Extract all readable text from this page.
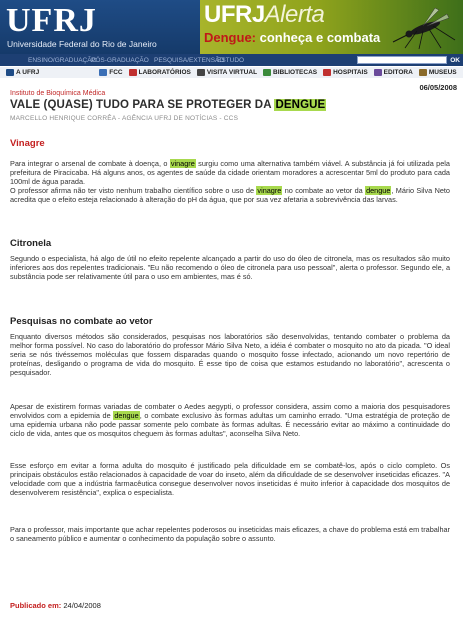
UFRJ
Universidade Federal do Rio de Janeiro
UFRJAlerta
Dengue: conheça e combata
ENSINO/GRADUAÇÃO
PÓS-GRADUAÇÃO PESQUISA/EXTENSÃO
ESTUDO	OK
A UFRJ	FCC LABORATÓRIOS VISITA VIRTUAL BIBLIOTECAS HOSPITAIS EDITORA MUSEUS
06/05/2008
Instituto de Bioquímica Médica
VALE (QUASE) TUDO PARA SE PROTEGER DA DENGUE
MARCELLO HENRIQUE CORRÊA - AGÊNCIA UFRJ DE NOTÍCIAS - CCS
Vinagre
Para integrar o arsenal de combate à doença, o vinagre surgiu como uma alternativa também viável. A substância já foi utilizada pela prefeitura de Piracicaba. Há alguns anos, os agentes de saúde da cidade orientam moradores a acrescentar 5ml do produto para cada 100ml de água parada.
O professor afirma não ter visto nenhum trabalho científico sobre o uso de vinagre no combate ao vetor da dengue, Mário Silva Neto acredita que o efeito esteja relacionado à alteração do pH da água, que por sua vez afetaria a sobrevivência das larvas.
Citronela
Segundo o especialista, há algo de útil no efeito repelente alcançado a partir do uso do óleo de citronela, mas os resultados são muito inferiores aos dos repelentes tradicionais. "Eu não recomendo o óleo de citronela para uso pessoal", alerta o professor. Segundo ele, a substância pode ser relativamente útil para o uso em ambientes, mas é só.
Pesquisas no combate ao vetor
Enquanto diversos métodos são considerados, pesquisas nos laboratórios são desenvolvidas, tentando combater o problema da melhor forma possível. No caso do laboratório do professor Mário Silva Neto, a idéia é combater o mosquito no ato da picada. "O ideal seria se nós tivéssemos moléculas que fossem disparadas quando o mosquito fosse infectado, acionando um novo repertório de proteínas, desligando o programa de vida do mosquito. É esse tipo de coisa que estamos estudando no laboratório", acrescenta o pesquisador.
Apesar de existirem formas variadas de combater o Aedes aegypti, o professor considera, assim como a maioria dos pesquisadores envolvidos com a epidemia de dengue, o combate exclusivo às formas adultas um caminho errado. "Uma estratégia de proteção de uma epidemia urbana não pode passar somente pelo combate às formas adultas. É necessário evitar ao máximo a continuidade do ciclo de vida, antes que os mosquitos cheguem às formas adultas", aconselha Silva Neto.
Esse esforço em evitar a forma adulta do mosquito é justificado pela dificuldade em se combatê-los, após o ciclo completo. Os principais obstáculos estão relacionados à capacidade de voar do inseto, além da dificuldade de se desenvolver inseticidas eficazes. "A velocidade com que a indústria farmacêutica consegue desenvolver novos inseticidas é muito inferior à capacidade dos mosquitos de desenvolverem resistência", explica o especialista.
Para o professor, mais importante que achar repelentes poderosos ou inseticidas mais eficazes, a chave do problema está em trabalhar o saneamento público e aumentar o conhecimento da população sobre o assunto.
Publicado em: 24/04/2008
